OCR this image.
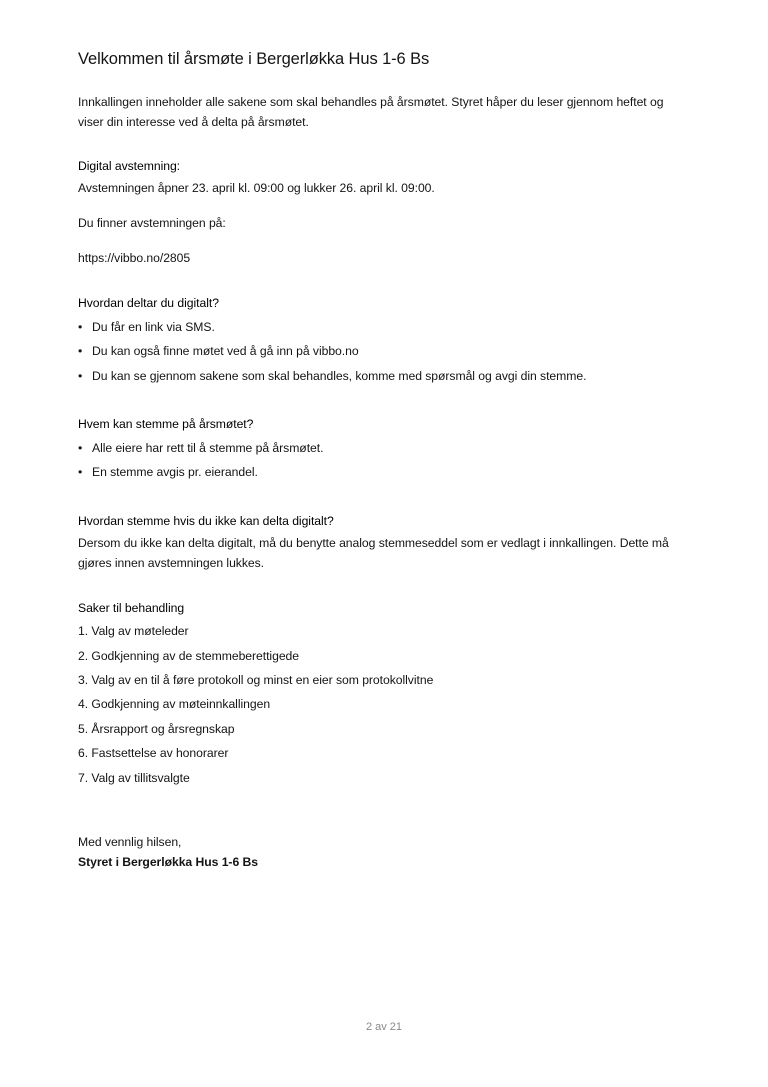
Velkommen til årsmøte i Bergerløkka Hus 1-6 Bs
Innkallingen inneholder alle sakene som skal behandles på årsmøtet. Styret håper du leser gjennom heftet og
viser din interesse ved å delta på årsmøtet.
Digital avstemning:
Avstemningen åpner 23. april kl. 09:00 og lukker 26. april kl. 09:00.
Du finner avstemningen på:
https://vibbo.no/2805
Hvordan deltar du digitalt?
• Du får en link via SMS.
• Du kan også finne møtet ved å gå inn på vibbo.no
• Du kan se gjennom sakene som skal behandles, komme med spørsmål og avgi din stemme.
Hvem kan stemme på årsmøtet?
• Alle eiere har rett til å stemme på årsmøtet.
• En stemme avgis pr. eierandel.
Hvordan stemme hvis du ikke kan delta digitalt?
Dersom du ikke kan delta digitalt, må du benytte analog stemmeseddel som er vedlagt i innkallingen. Dette må
gjøres innen avstemningen lukkes.
Saker til behandling
1. Valg av møteleder
2. Godkjenning av de stemmeberettigede
3. Valg av en til å føre protokoll og minst en eier som protokollvitne
4. Godkjenning av møteinnkallingen
5. Årsrapport og årsregnskap
6. Fastsettelse av honorarer
7. Valg av tillitsvalgte
Med vennlig hilsen,
Styret i Bergerløkka Hus 1-6 Bs
2 av 21
